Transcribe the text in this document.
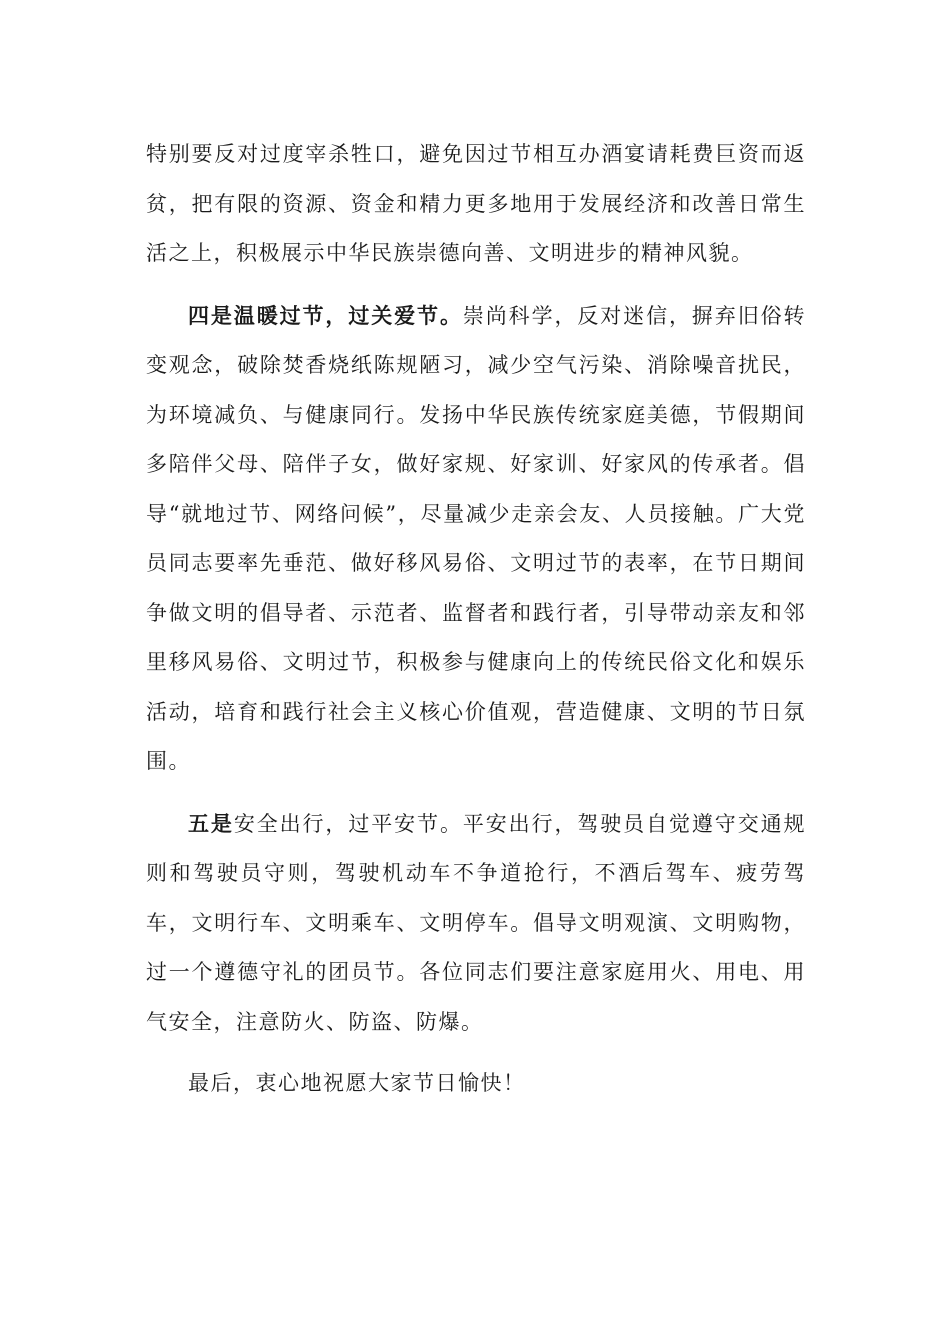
特别要反对过度宰杀牲口，避免因过节相互办酒宴请耗费巨资而返贫，把有限的资源、资金和精力更多地用于发展经济和改善日常生活之上，积极展示中华民族崇德向善、文明进步的精神风貌。

四是温暖过节，过关爱节。崇尚科学，反对迷信，摒弃旧俗转变观念，破除焚香烧纸陈规陋习，减少空气污染、消除噪音扰民，为环境减负、与健康同行。发扬中华民族传统家庭美德，节假期间多陪伴父母、陪伴子女，做好家规、好家训、好家风的传承者。倡导“就地过节、网络问候”，尽量减少走亲会友、人员接触。广大党员同志要率先垂范、做好移风易俗、文明过节的表率，在节日期间争做文明的倡导者、示范者、监督者和践行者，引导带动亲友和邻里移风易俗、文明过节，积极参与健康向上的传统民俗文化和娱乐活动，培育和践行社会主义核心价值观，营造健康、文明的节日氛围。

五是安全出行，过平安节。平安出行，驾驶员自觉遵守交通规则和驾驶员守则，驾驶机动车不争道抢行，不酒后驾车、疲劳驾车，文明行车、文明乘车、文明停车。倡导文明观演、文明购物，过一个遵德守礼的团员节。各位同志们要注意家庭用火、用电、用气安全，注意防火、防盗、防爆。

最后，衷心地祝愿大家节日愉快！
